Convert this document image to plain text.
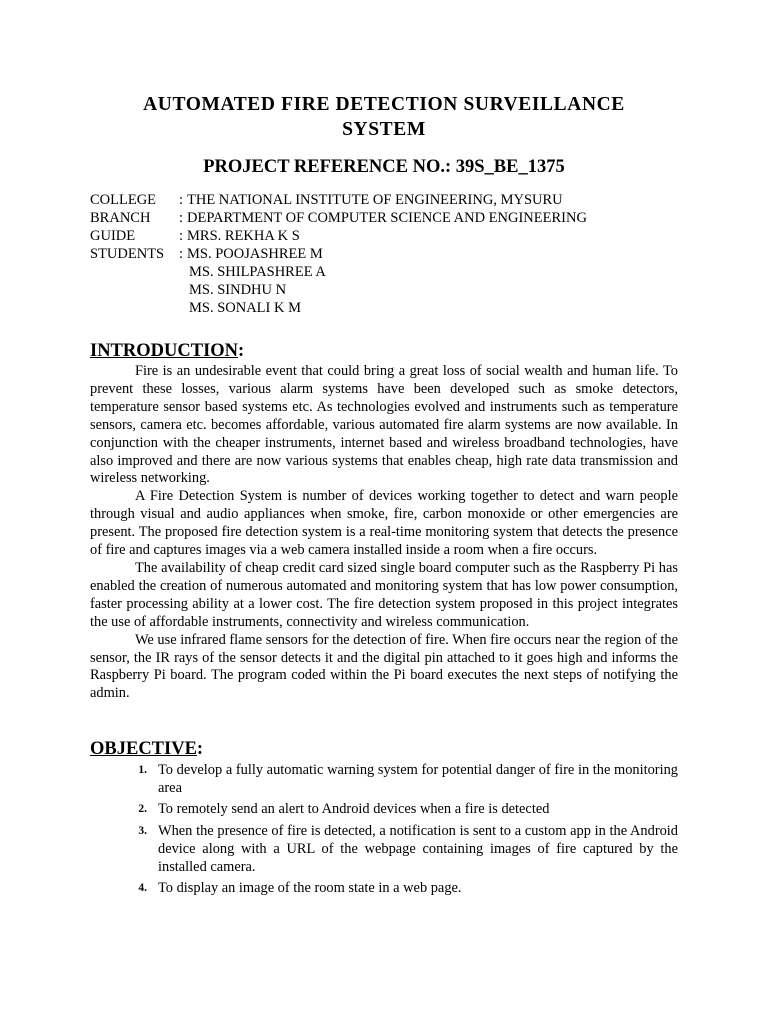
AUTOMATED FIRE DETECTION SURVEILLANCE
SYSTEM
PROJECT REFERENCE NO.: 39S_BE_1375
COLLEGE	: THE NATIONAL INSTITUTE OF ENGINEERING, MYSURU
BRANCH	: DEPARTMENT OF COMPUTER SCIENCE AND ENGINEERING
GUIDE	: MRS. REKHA K S
STUDENTS	: MS. POOJASHREE M
MS. SHILPASHREE A
MS. SINDHU N
MS. SONALI K M
INTRODUCTION:

Fire is an undesirable event that could bring a great loss of social wealth and human life. To prevent these losses, various alarm systems have been developed such as smoke detectors, temperature sensor based systems etc. As technologies evolved and instruments such as temperature sensors, camera etc. becomes affordable, various automated fire alarm systems are now available. In conjunction with the cheaper instruments, internet based and wireless broadband technologies, have also improved and there are now various systems that enables cheap, high rate data transmission and wireless networking.

A Fire Detection System is number of devices working together to detect and warn people through visual and audio appliances when smoke, fire, carbon monoxide or other emergencies are present. The proposed fire detection system is a real-time monitoring system that detects the presence of fire and captures images via a web camera installed inside a room when a fire occurs.

The availability of cheap credit card sized single board computer such as the Raspberry Pi has enabled the creation of numerous automated and monitoring system that has low power consumption, faster processing ability at a lower cost. The fire detection system proposed in this project integrates the use of affordable instruments, connectivity and wireless communication.

We use infrared flame sensors for the detection of fire. When fire occurs near the region of the sensor, the IR rays of the sensor detects it and the digital pin attached to it goes high and informs the Raspberry Pi board. The program coded within the Pi board executes the next steps of notifying the admin.

OBJECTIVE:
1. To develop a fully automatic warning system for potential danger of fire in the monitoring area
2. To remotely send an alert to Android devices when a fire is detected
3. When the presence of fire is detected, a notification is sent to a custom app in the Android device along with a URL of the webpage containing images of fire captured by the installed camera.
4. To display an image of the room state in a web page.
